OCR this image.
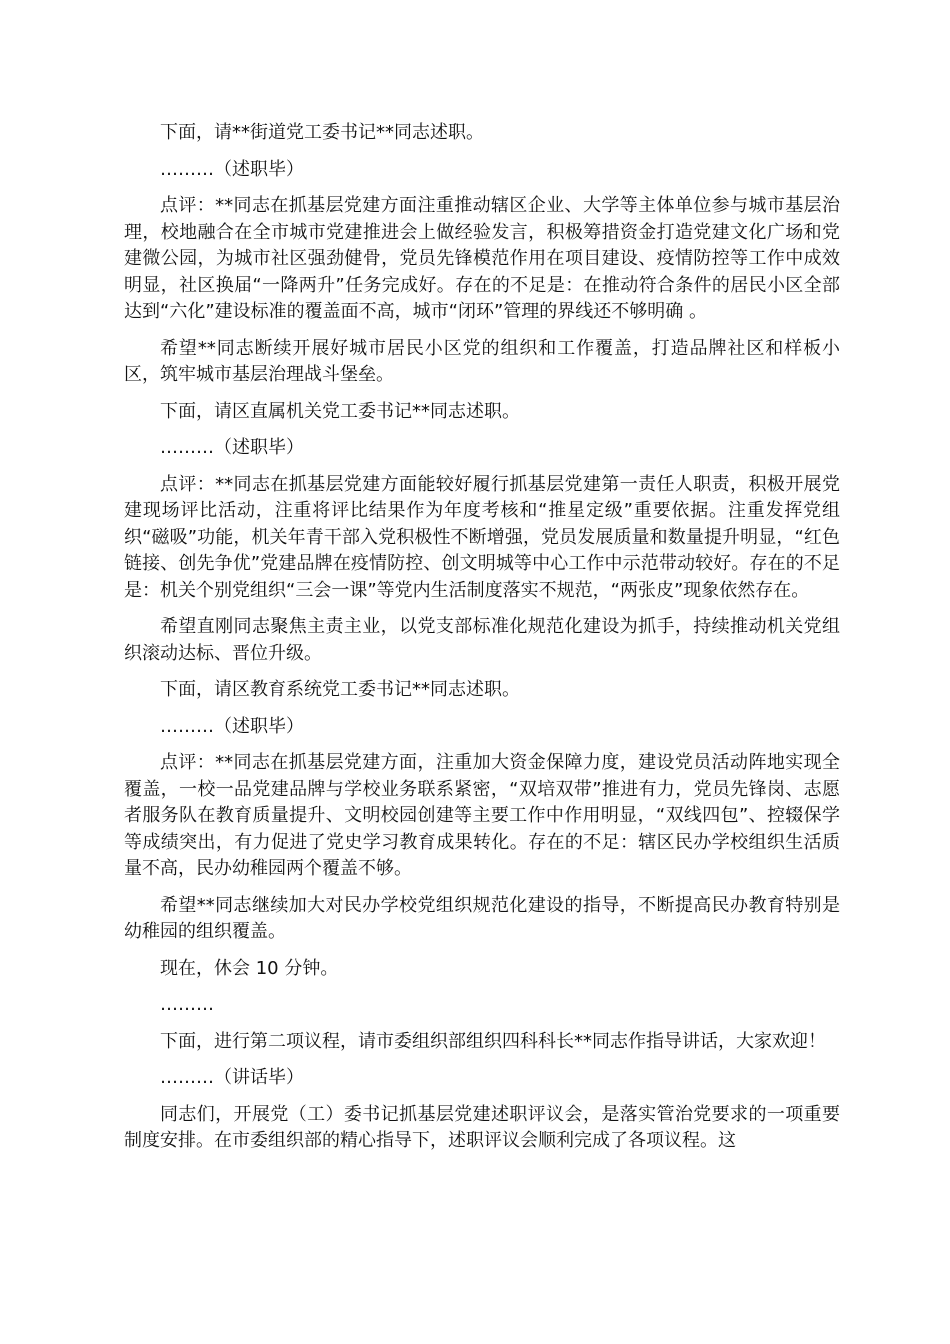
下面，请**街道党工委书记**同志述职。

………（述职毕）

点评：**同志在抓基层党建方面注重推动辖区企业、大学等主体单位参与城市基层治理，校地融合在全市城市党建推进会上做经验发言，积极筹措资金打造党建文化广场和党建微公园，为城市社区强劲健骨，党员先锋模范作用在项目建设、疫情防控等工作中成效明显，社区换届“一降两升”任务完成好。存在的不足是：在推动符合条件的居民小区全部达到“六化”建设标准的覆盖面不高，城市“闭环”管理的界线还不够明确 。

希望**同志断续开展好城市居民小区党的组织和工作覆盖，打造品牌社区和样板小区，筑牢城市基层治理战斗堡垒。

下面，请区直属机关党工委书记**同志述职。

………（述职毕）

点评：**同志在抓基层党建方面能较好履行抓基层党建第一责任人职责，积极开展党建现场评比活动，注重将评比结果作为年度考核和“推星定级”重要依据。注重发挥党组织“磁吸”功能，机关年青干部入党积极性不断增强，党员发展质量和数量提升明显，“红色链接、创先争优”党建品牌在疫情防控、创文明城等中心工作中示范带动较好。存在的不足是：机关个别党组织“三会一课”等党内生活制度落实不规范，“两张皮”现象依然存在。

希望直刚同志聚焦主责主业，以党支部标准化规范化建设为抓手，持续推动机关党组织滚动达标、晋位升级。

下面，请区教育系统党工委书记**同志述职。

………（述职毕）

点评：**同志在抓基层党建方面，注重加大资金保障力度，建设党员活动阵地实现全覆盖，一校一品党建品牌与学校业务联系紧密，“双培双带”推进有力，党员先锋岗、志愿者服务队在教育质量提升、文明校园创建等主要工作中作用明显，“双线四包”、控辍保学等成绩突出，有力促进了党史学习教育成果转化。存在的不足：辖区民办学校组织生活质量不高，民办幼稚园两个覆盖不够。

希望**同志继续加大对民办学校党组织规范化建设的指导，不断提高民办教育特别是幼稚园的组织覆盖。

现在，休会 10 分钟。

………

下面，进行第二项议程，请市委组织部组织四科科长**同志作指导讲话，大家欢迎！

………（讲话毕）

同志们，开展党（工）委书记抓基层党建述职评议会，是落实管治党要求的一项重要制度安排。在市委组织部的精心指导下，述职评议会顺利完成了各项议程。这
